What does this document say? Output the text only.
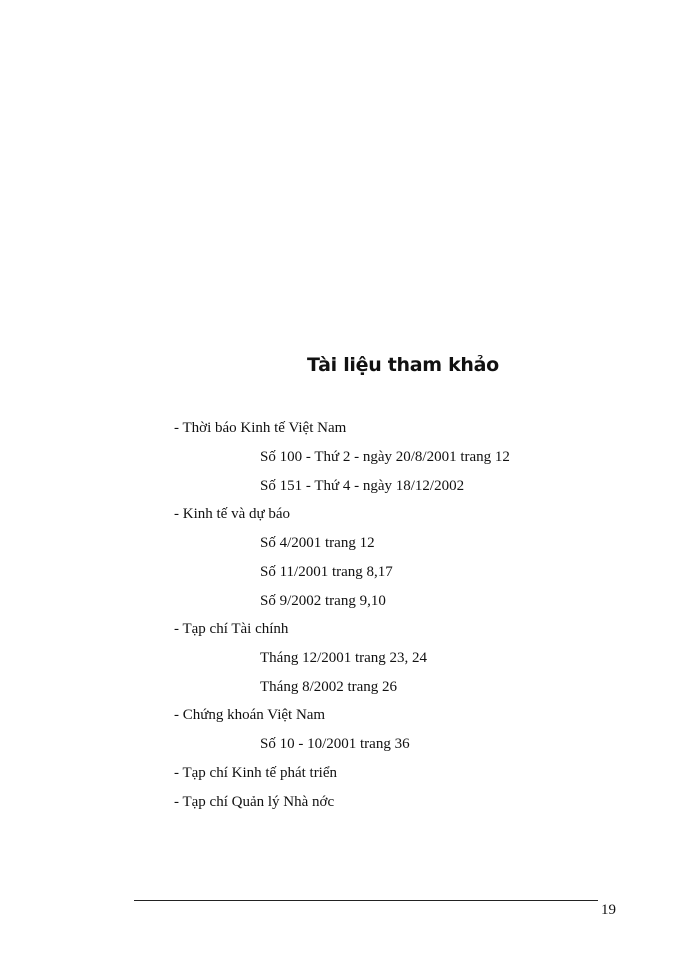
Tài liệu tham khảo
- Thời báo Kinh tế Việt Nam
Số 100 - Thứ 2 - ngày 20/8/2001 trang 12
Số 151 - Thứ 4 - ngày 18/12/2002
- Kinh tế và dự báo
Số 4/2001 trang 12
Số 11/2001 trang 8,17
Số 9/2002 trang 9,10
- Tạp chí Tài chính
Tháng 12/2001 trang 23, 24
Tháng 8/2002 trang 26
- Chứng khoán Việt Nam
Số 10 - 10/2001 trang 36
- Tạp chí Kinh tế phát triển
- Tạp chí Quản lý Nhà nớc
19
